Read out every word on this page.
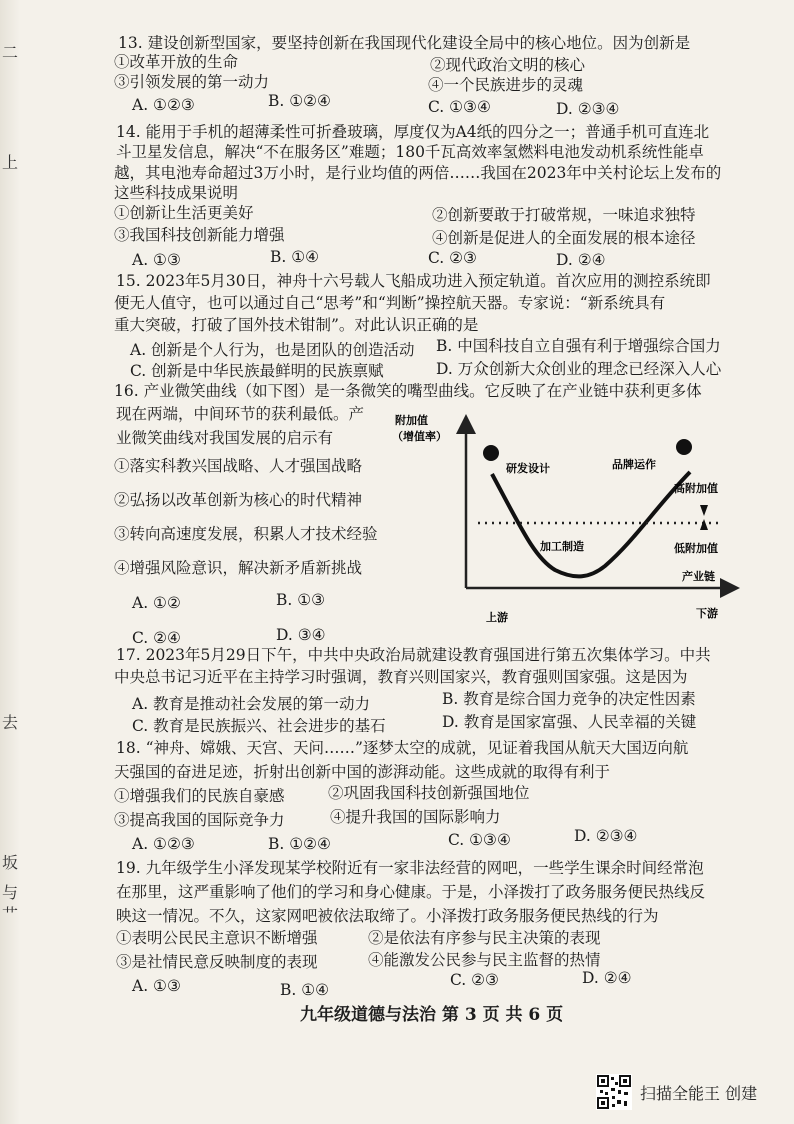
二
上
去
坂
与
艹
13. 建设创新型国家，要坚持创新在我国现代化建设全局中的核心地位。因为创新是
①改革开放的生命	②现代政治文明的核心
③引领发展的第一动力	④一个民族进步的灵魂
A. ①②③	B. ①②④	C. ①③④	D. ②③④
14. 能用于手机的超薄柔性可折叠玻璃，厚度仅为A4纸的四分之一；普通手机可直连北
斗卫星发信息，解决“不在服务区”难题；180千瓦高效率氢燃料电池发动机系统性能卓
越，其电池寿命超过3万小时，是行业均值的两倍……我国在2023年中关村论坛上发布的
这些科技成果说明
①创新让生活更美好	②创新要敢于打破常规，一味追求独特
③我国科技创新能力增强	④创新是促进人的全面发展的根本途径
A. ①③	B. ①④	C. ②③	D. ②④
15. 2023年5月30日，神舟十六号载人飞船成功进入预定轨道。首次应用的测控系统即
便无人值守，也可以通过自己“思考”和“判断”操控航天器。专家说：“新系统具有
重大突破，打破了国外技术钳制”。对此认识正确的是
A. 创新是个人行为，也是团队的创造活动 B. 中国科技自立自强有利于增强综合国力
C. 创新是中华民族最鲜明的民族禀赋	D. 万众创新大众创业的理念已经深入人心
16. 产业微笑曲线（如下图）是一条微笑的嘴型曲线。它反映了在产业链中获利更多体
现在两端，中间环节的获利最低。产
业微笑曲线对我国发展的启示有
①落实科教兴国战略、人才强国战略
②弘扬以改革创新为核心的时代精神
③转向高速度发展，积累人才技术经验
④增强风险意识，解决新矛盾新挑战
A. ①②	B. ①③
C. ②④	D. ③④
附加值
（增值率）
研发设计	品牌运作
高附加值
低附加值
加工制造
产业链
上游	下游
17. 2023年5月29日下午，中共中央政治局就建设教育强国进行第五次集体学习。中共
中央总书记习近平在主持学习时强调，教育兴则国家兴，教育强则国家强。这是因为
A. 教育是推动社会发展的第一动力	B. 教育是综合国力竞争的决定性因素
C. 教育是民族振兴、社会进步的基石	D. 教育是国家富强、人民幸福的关键
18. “神舟、嫦娥、天宫、天问……”逐梦太空的成就，见证着我国从航天大国迈向航
天强国的奋进足迹，折射出创新中国的澎湃动能。这些成就的取得有利于
①增强我们的民族自豪感	②巩固我国科技创新强国地位
③提高我国的国际竞争力	④提升我国的国际影响力
A. ①②③	B. ①②④	C. ①③④	D. ②③④
19. 九年级学生小泽发现某学校附近有一家非法经营的网吧，一些学生课余时间经常泡
在那里，这严重影响了他们的学习和身心健康。于是，小泽拨打了政务服务便民热线反
映这一情况。不久，这家网吧被依法取缔了。小泽拨打政务服务便民热线的行为
①表明公民民主意识不断增强	②是依法有序参与民主决策的表现
③是社情民意反映制度的表现	④能激发公民参与民主监督的热情
A. ①③	B. ①④
C. ②③	D. ②④
九年级道德与法治 第 3 页 共 6 页
扫描全能王 创建
